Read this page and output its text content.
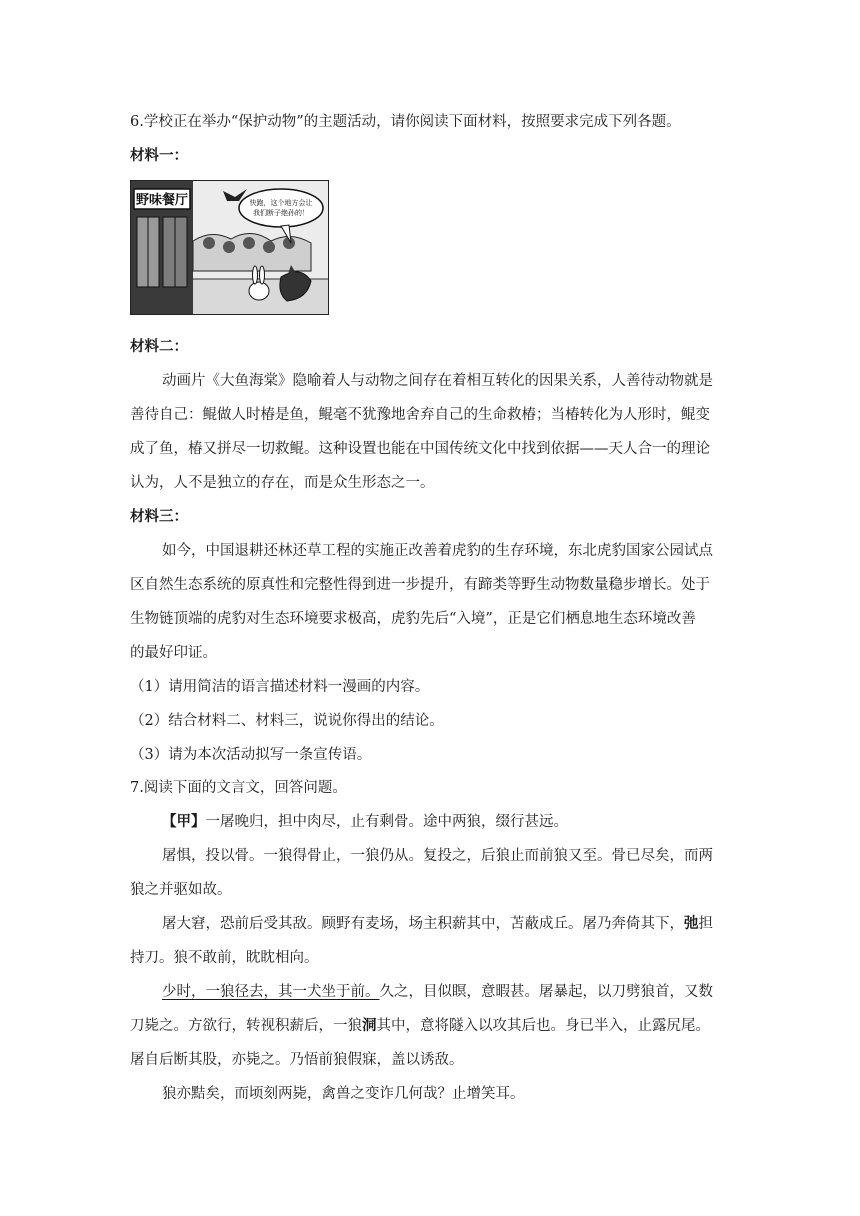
6.学校正在举办“保护动物”的主题活动，请你阅读下面材料，按照要求完成下列各题。
材料一：
野味餐厅	快跑，这个地方会让
我们断子绝孙的！
材料二：
动画片《大鱼海棠》隐喻着人与动物之间存在着相互转化的因果关系，人善待动物就是
善待自己：鲲做人时椿是鱼，鲲毫不犹豫地舍弃自己的生命救椿；当椿转化为人形时，鲲变
成了鱼，椿又拼尽一切救鲲。这种设置也能在中国传统文化中找到依据——天人合一的理论
认为，人不是独立的存在，而是众生形态之一。
材料三：
如今，中国退耕还林还草工程的实施正改善着虎豹的生存环境，东北虎豹国家公园试点
区自然生态系统的原真性和完整性得到进一步提升，有蹄类等野生动物数量稳步增长。处于
生物链顶端的虎豹对生态环境要求极高，虎豹先后“入境”，正是它们栖息地生态环境改善
的最好印证。
（1）请用简洁的语言描述材料一漫画的内容。
（2）结合材料二、材料三，说说你得出的结论。
（3）请为本次活动拟写一条宣传语。
7.阅读下面的文言文，回答问题。
【甲】一屠晚归，担中肉尽，止有剩骨。途中两狼，缀行甚远。
屠惧，投以骨。一狼得骨止，一狼仍从。复投之，后狼止而前狼又至。骨已尽矣，而两
狼之并驱如故。
屠大窘，恐前后受其敌。顾野有麦场，场主积薪其中，苫蔽成丘。屠乃奔倚其下，弛担
持刀。狼不敢前，眈眈相向。
少时，一狼径去，其一犬坐于前。久之，目似瞑，意暇甚。屠暴起，以刀劈狼首，又数
刀毙之。方欲行，转视积薪后，一狼洞其中，意将隧入以攻其后也。身已半入，止露尻尾。
屠自后断其股，亦毙之。乃悟前狼假寐，盖以诱敌。
狼亦黠矣，而顷刻两毙，禽兽之变诈几何哉？止增笑耳。
